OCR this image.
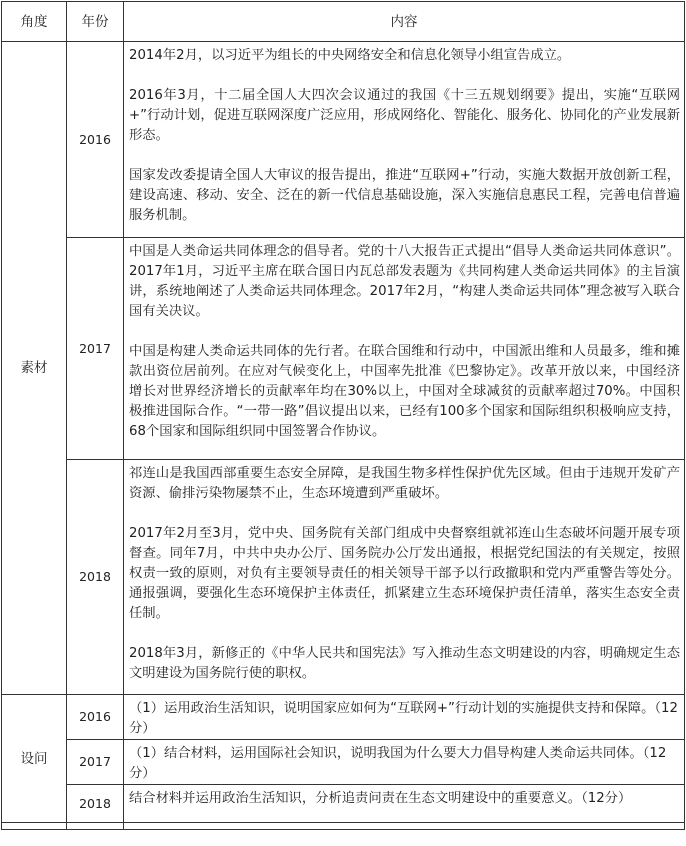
角度	年份	内容
素材	2016	2014年2月，以习近平为组长的中央网络安全和信息化领导小组宣告成立。

2016年3月，十二届全国人大四次会议通过的我国《十三五规划纲要》提出，实施“互联网+”行动计划，促进互联网深度广泛应用，形成网络化、智能化、服务化、协同化的产业发展新形态。

国家发改委提请全国人大审议的报告提出，推进“互联网+”行动，实施大数据开放创新工程，建设高速、移动、安全、泛在的新一代信息基础设施，深入实施信息惠民工程，完善电信普遍服务机制。

	2017	中国是人类命运共同体理念的倡导者。党的十八大报告正式提出“倡导人类命运共同体意识”。2017年1月，习近平主席在联合国日内瓦总部发表题为《共同构建人类命运共同体》的主旨演讲，系统地阐述了人类命运共同体理念。2017年2月，“构建人类命运共同体”理念被写入联合国有关决议。

中国是构建人类命运共同体的先行者。在联合国维和行动中，中国派出维和人员最多，维和摊款出资位居前列。在应对气候变化上，中国率先批准《巴黎协定》。改革开放以来，中国经济增长对世界经济增长的贡献率年均在30%以上，中国对全球减贫的贡献率超过70%。中国积极推进国际合作。“一带一路”倡议提出以来，已经有100多个国家和国际组织积极响应支持，68个国家和国际组织同中国签署合作协议。

	2018	祁连山是我国西部重要生态安全屏障，是我国生物多样性保护优先区域。但由于违规开发矿产资源、偷排污染物屡禁不止，生态环境遭到严重破坏。

2017年2月至3月，党中央、国务院有关部门组成中央督察组就祁连山生态破坏问题开展专项督查。同年7月，中共中央办公厅、国务院办公厅发出通报，根据党纪国法的有关规定，按照权责一致的原则，对负有主要领导责任的相关领导干部予以行政撤职和党内严重警告等处分。通报强调，要强化生态环境保护主体责任，抓紧建立生态环境保护责任清单，落实生态安全责任制。

2018年3月，新修正的《中华人民共和国宪法》写入推动生态文明建设的内容，明确规定生态文明建设为国务院行使的职权。

设问	2016	（1）运用政治生活知识，说明国家应如何为“互联网+”行动计划的实施提供支持和保障。（12分）

	2017	（1）结合材料，运用国际社会知识，说明我国为什么要大力倡导构建人类命运共同体。（12分）

	2018	结合材料并运用政治生活知识，分析追责问责在生态文明建设中的重要意义。（12分）
